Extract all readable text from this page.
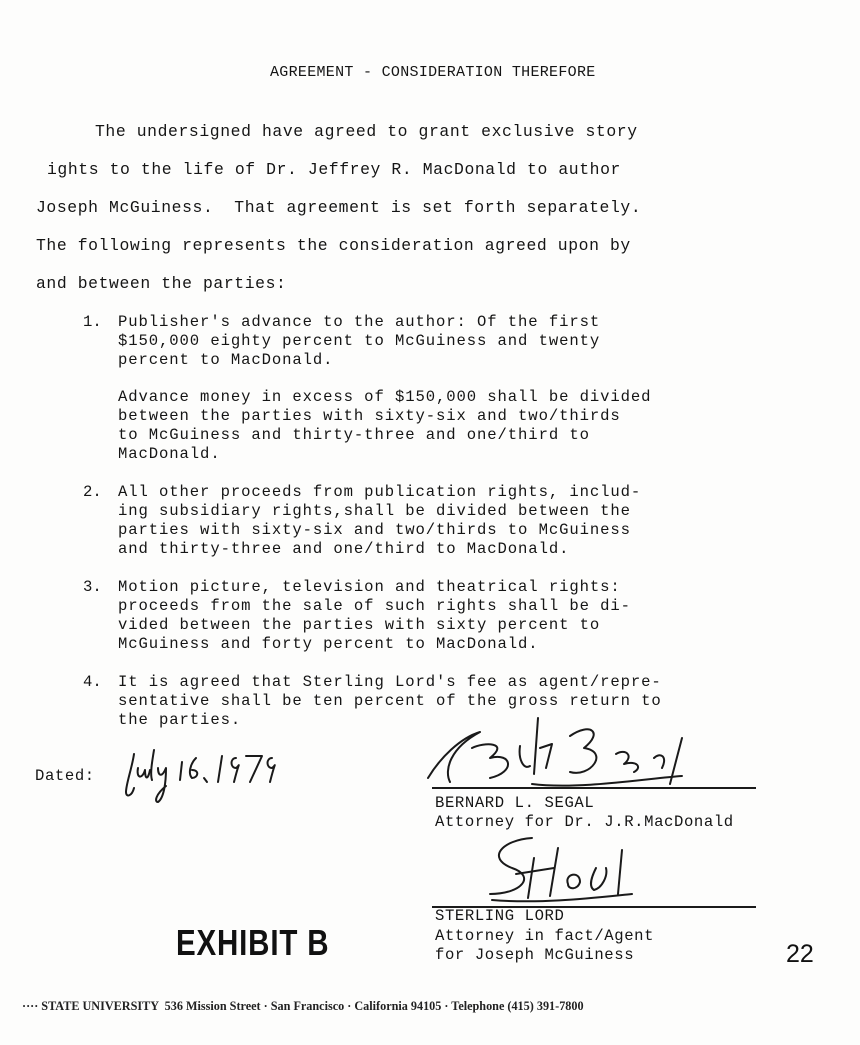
AGREEMENT - CONSIDERATION THEREFORE
The undersigned have agreed to grant exclusive story
ights to the life of Dr. Jeffrey R. MacDonald to author
Joseph McGuiness.  That agreement is set forth separately.
The following represents the consideration agreed upon by
and between the parties:
1. Publisher's advance to the author: Of the first
$150,000 eighty percent to McGuiness and twenty
percent to MacDonald.
Advance money in excess of $150,000 shall be divided
between the parties with sixty-six and two/thirds
to McGuiness and thirty-three and one/third to
MacDonald.
2. All other proceeds from publication rights, includ-
ing subsidiary rights,shall be divided between the
parties with sixty-six and two/thirds to McGuiness
and thirty-three and one/third to MacDonald.
3. Motion picture, television and theatrical rights:
proceeds from the sale of such rights shall be di-
vided between the parties with sixty percent to
McGuiness and forty percent to MacDonald.
4. It is agreed that Sterling Lord's fee as agent/repre-
sentative shall be ten percent of the gross return to
the parties.
Dated:
BERNARD L. SEGAL
Attorney for Dr. J.R.MacDonald
STERLING LORD
Attorney in fact/Agent
for Joseph McGuiness
EXHIBIT B	22
···· STATE UNIVERSITY  536 Mission Street · San Francisco · California 94105 · Telephone (415) 391-7800
